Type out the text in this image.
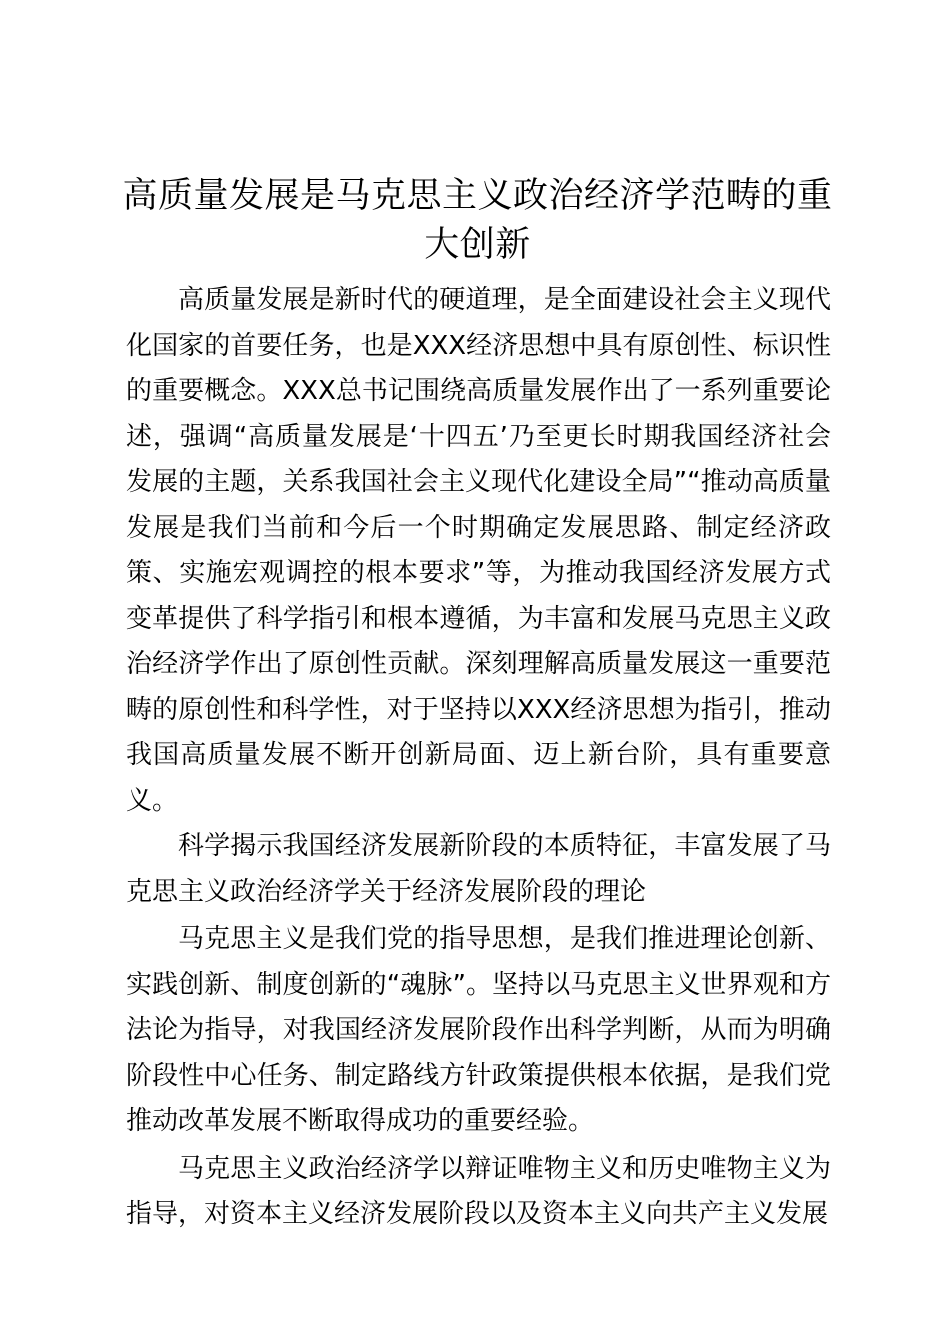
高质量发展是马克思主义政治经济学范畴的重大创新

高质量发展是新时代的硬道理，是全面建设社会主义现代化国家的首要任务，也是XXX经济思想中具有原创性、标识性的重要概念。XXX总书记围绕高质量发展作出了一系列重要论述，强调“高质量发展是‘十四五’乃至更长时期我国经济社会发展的主题，关系我国社会主义现代化建设全局”“推动高质量发展是我们当前和今后一个时期确定发展思路、制定经济政策、实施宏观调控的根本要求”等，为推动我国经济发展方式变革提供了科学指引和根本遵循，为丰富和发展马克思主义政治经济学作出了原创性贡献。深刻理解高质量发展这一重要范畴的原创性和科学性，对于坚持以XXX经济思想为指引，推动我国高质量发展不断开创新局面、迈上新台阶，具有重要意义。

科学揭示我国经济发展新阶段的本质特征，丰富发展了马克思主义政治经济学关于经济发展阶段的理论

马克思主义是我们党的指导思想，是我们推进理论创新、实践创新、制度创新的“魂脉”。坚持以马克思主义世界观和方法论为指导，对我国经济发展阶段作出科学判断，从而为明确阶段性中心任务、制定路线方针政策提供根本依据，是我们党推动改革发展不断取得成功的重要经验。

马克思主义政治经济学以辩证唯物主义和历史唯物主义为指导，对资本主义经济发展阶段以及资本主义向共产主义发展
